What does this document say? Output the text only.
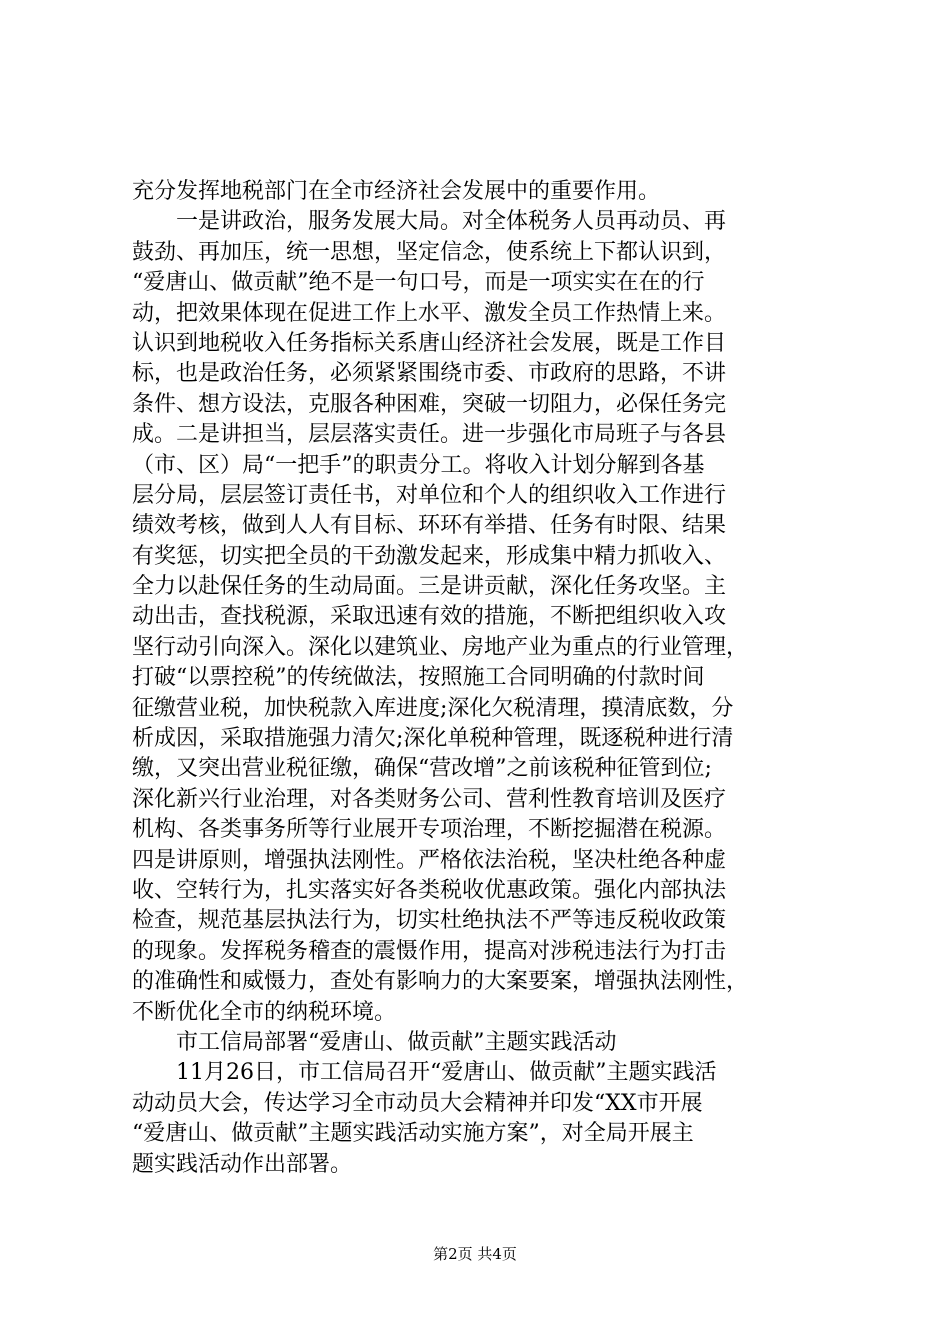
充分发挥地税部门在全市经济社会发展中的重要作用。
一是讲政治，服务发展大局。对全体税务人员再动员、再
鼓劲、再加压，统一思想，坚定信念，使系统上下都认识到，
“爱唐山、做贡献”绝不是一句口号，而是一项实实在在的行
动，把效果体现在促进工作上水平、激发全员工作热情上来。
认识到地税收入任务指标关系唐山经济社会发展，既是工作目
标，也是政治任务，必须紧紧围绕市委、市政府的思路，不讲
条件、想方设法，克服各种困难，突破一切阻力，必保任务完
成。二是讲担当，层层落实责任。进一步强化市局班子与各县
（市、区）局“一把手”的职责分工。将收入计划分解到各基
层分局，层层签订责任书，对单位和个人的组织收入工作进行
绩效考核，做到人人有目标、环环有举措、任务有时限、结果
有奖惩，切实把全员的干劲激发起来，形成集中精力抓收入、
全力以赴保任务的生动局面。三是讲贡献，深化任务攻坚。主
动出击，查找税源，采取迅速有效的措施，不断把组织收入攻
坚行动引向深入。深化以建筑业、房地产业为重点的行业管理，
打破“以票控税”的传统做法，按照施工合同明确的付款时间
征缴营业税，加快税款入库进度;深化欠税清理，摸清底数，分
析成因，采取措施强力清欠;深化单税种管理，既逐税种进行清
缴，又突出营业税征缴，确保“营改增”之前该税种征管到位;
深化新兴行业治理，对各类财务公司、营利性教育培训及医疗
机构、各类事务所等行业展开专项治理，不断挖掘潜在税源。
四是讲原则，增强执法刚性。严格依法治税，坚决杜绝各种虚
收、空转行为，扎实落实好各类税收优惠政策。强化内部执法
检查，规范基层执法行为，切实杜绝执法不严等违反税收政策
的现象。发挥税务稽查的震慑作用，提高对涉税违法行为打击
的准确性和威慑力，查处有影响力的大案要案，增强执法刚性，
不断优化全市的纳税环境。
市工信局部署“爱唐山、做贡献”主题实践活动
11月26日，市工信局召开“爱唐山、做贡献”主题实践活
动动员大会，传达学习全市动员大会精神并印发“XX市开展
“爱唐山、做贡献”主题实践活动实施方案”，对全局开展主
题实践活动作出部署。
第2页 共4页
